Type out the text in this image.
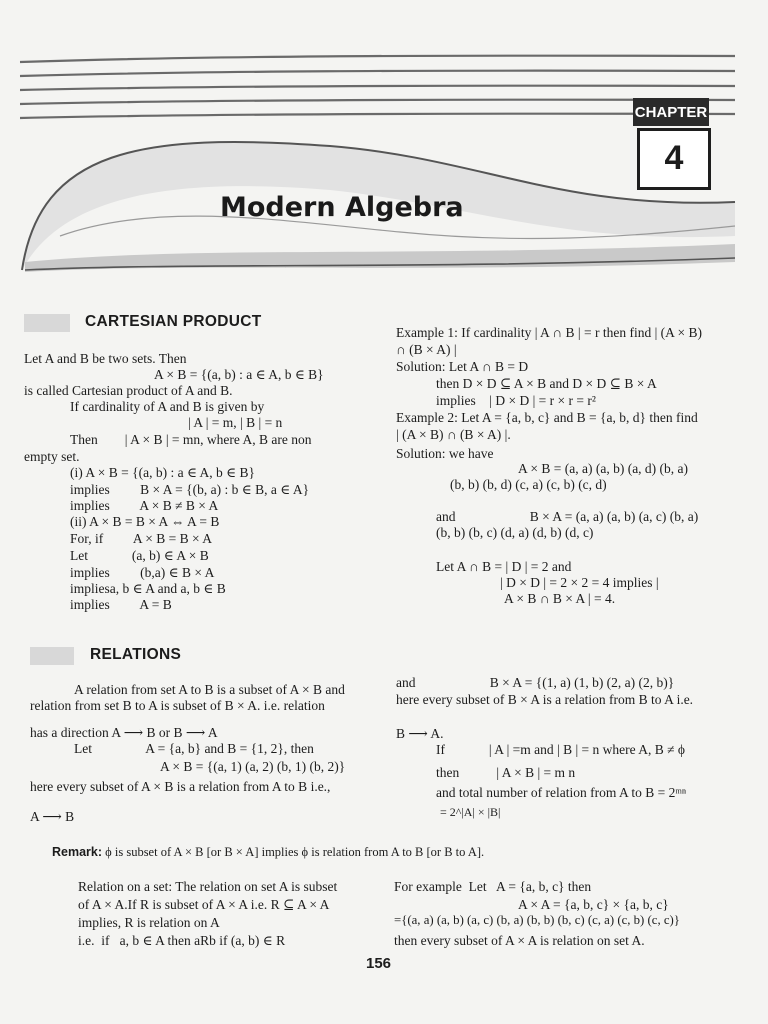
CHAPTER
4
Modern Algebra
CARTESIAN PRODUCT
Let A and B be two sets. Then
A × B = {(a, b) : a ∈ A, b ∈ B}
is called Cartesian product of A and B.
If cardinality of A and B is given by
| A | = m, | B | = n
Then        | A × B | = mn, where A, B are non
empty set.
(i) A × B = {(a, b) : a ∈ A, b ∈ B}
implies         B × A = {(b, a) : b ∈ B, a ∈ A}
implies         A × B ≠ B × A
(ii) A × B = B × A ⇔ A = B
For, if         A × B = B × A
Let             (a, b) ∈ A × B
implies         (b,a) ∈ B × A
impliesa, b ∈ A and a, b ∈ B
implies         A = B
Example 1: If cardinality | A ∩ B | = r then find | (A × B)
∩ (B × A) |
Solution: Let A ∩ B = D
then D × D ⊆ A × B and D × D ⊆ B × A
implies    | D × D | = r × r = r²
Example 2: Let A = {a, b, c} and B = {a, b, d} then find
| (A × B) ∩ (B × A) |.
Solution: we have
A × B = (a, a) (a, b) (a, d) (b, a)
(b, b) (b, d) (c, a) (c, b) (c, d)
and                      B × A = (a, a) (a, b) (a, c) (b, a)
(b, b) (b, c) (d, a) (d, b) (d, c)
Let A ∩ B = | D | = 2 and
| D × D | = 2 × 2 = 4 implies |
A × B ∩ B × A | = 4.
RELATIONS
A relation from set A to B is a subset of A × B and
relation from set B to A is subset of B × A. i.e. relation
has a direction A ⟶ B or B ⟶ A
Let                A = {a, b} and B = {1, 2}, then
A × B = {(a, 1) (a, 2) (b, 1) (b, 2)}
here every subset of A × B is a relation from A to B i.e.,
A ⟶ B
and                      B × A = {(1, a) (1, b) (2, a) (2, b)}
here every subset of B × A is a relation from B to A i.e.
B ⟶ A.
If             | A | =m and | B | = n where A, B ≠ ϕ
then           | A × B | = m n
and total number of relation from A to B = 2ᵐⁿ
= 2^|A| × |B|
Remark: ϕ is subset of A × B [or B × A] implies ϕ is relation from A to B [or B to A].
Relation on a set: The relation on set A is subset
of A × A.If R is subset of A × A i.e. R ⊆ A × A
implies, R is relation on A
i.e.  if   a, b ∈ A then aRb if (a, b) ∈ R
For example  Let   A = {a, b, c} then
A × A = {a, b, c} × {a, b, c}
={(a, a) (a, b) (a, c) (b, a) (b, b) (b, c) (c, a) (c, b) (c, c)}
then every subset of A × A is relation on set A.
156
